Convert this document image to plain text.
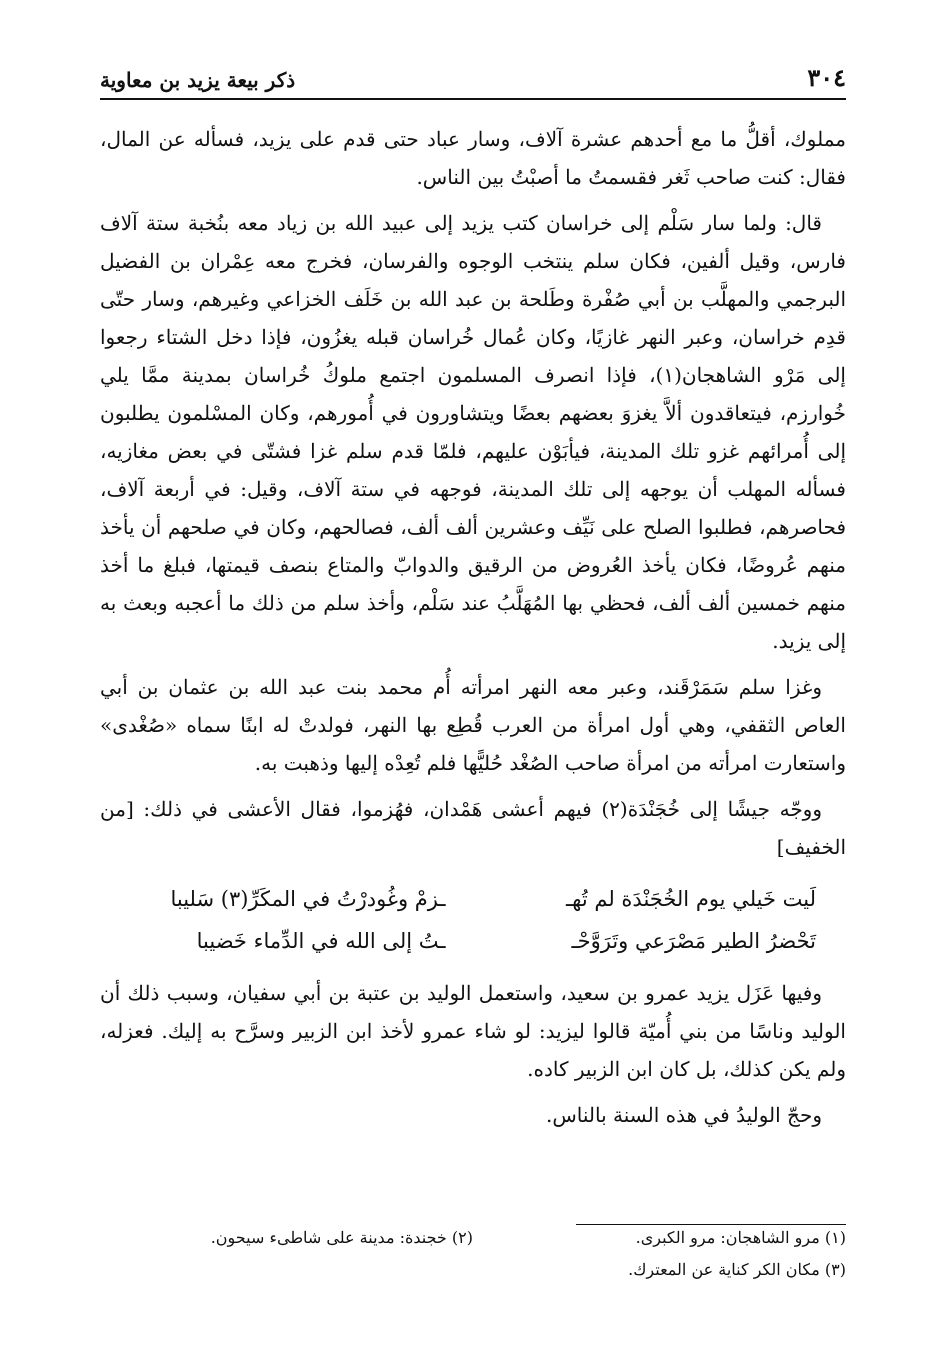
ذكر بيعة يزيد بن معاوية	٣٠٤

مملوك، أقلُّ ما مع أحدهم عشرة آلاف، وسار عباد حتى قدم على يزيد، فسأله عن المال، فقال: كنت صاحب ثَغر فقسمتُ ما أصبْتُ بين الناس.

قال: ولما سار سَلْم إلى خراسان كتب يزيد إلى عبيد الله بن زياد معه بنُخبة ستة آلاف فارس، وقيل ألفين، فكان سلم ينتخب الوجوه والفرسان، فخرج معه عِمْران بن الفضيل البرجمي والمهلَّب بن أبي صُفْرة وطَلحة بن عبد الله بن خَلَف الخزاعي وغيرهم، وسار حتّى قدِم خراسان، وعبر النهر غازيًا، وكان عُمال خُراسان قبله يغزُون، فإذا دخل الشتاء رجعوا إلى مَرْو الشاهجان(١)، فإذا انصرف المسلمون اجتمع ملوكُ خُراسان بمدينة ممَّا يلي خُوارزم، فيتعاقدون ألاَّ يغزوَ بعضهم بعضًا ويتشاورون في أُمورهم، وكان المسْلمون يطلبون إلى أُمرائهم غزو تلك المدينة، فيأبَوْن عليهم، فلمّا قدم سلم غزا فشتّى في بعض مغازيه، فسأله المهلب أن يوجهه إلى تلك المدينة، فوجهه في ستة آلاف، وقيل: في أربعة آلاف، فحاصرهم، فطلبوا الصلح على نَيِّف وعشرين ألف ألف، فصالحهم، وكان في صلحهم أن يأخذ منهم عُروضًا، فكان يأخذ العُروض من الرقيق والدوابّ والمتاع بنصف قيمتها، فبلغ ما أخذ منهم خمسين ألف ألف، فحظي بها المُهَلَّبُ عند سَلْم، وأخذ سلم من ذلك ما أعجبه وبعث به إلى يزيد.

وغزا سلم سَمَرْقَند، وعبر معه النهر امرأته أُم محمد بنت عبد الله بن عثمان بن أبي العاص الثقفي، وهي أول امرأة من العرب قُطِع بها النهر، فولدتْ له ابنًا سماه «صُغْدى» واستعارت امرأته من امرأة صاحب الصُغْد حُليًّها فلم تُعِدْه إليها وذهبت به.

ووجّه جيشًا إلى خُجَنْدَة(٢) فيهم أعشى هَمْدان، فهُزموا، فقال الأعشى في ذلك: [من الخفيف]

لَيت خَيلي يوم الخُجَنْدَة لم تُهـ
ـزمْ وغُودرْتُ في المكَرِّ(٣) سَليبا
تَحْضرُ الطير مَصْرَعي وتَرَوَّحْـ
ـتُ إلى الله في الدِّماء خَضيبا

وفيها عَزَل يزيد عمرو بن سعيد، واستعمل الوليد بن عتبة بن أبي سفيان، وسبب ذلك أن الوليد وناسًا من بني أُميّة قالوا ليزيد: لو شاء عمرو لأخذ ابن الزبير وسرَّح به إليك. فعزله، ولم يكن كذلك، بل كان ابن الزبير كاده.

وحجّ الوليدُ في هذه السنة بالناس.

(١) مرو الشاهجان: مرو الكبرى.
(٢) خجندة: مدينة على شاطىء سيحون.
(٣) مكان الكر كناية عن المعترك.
